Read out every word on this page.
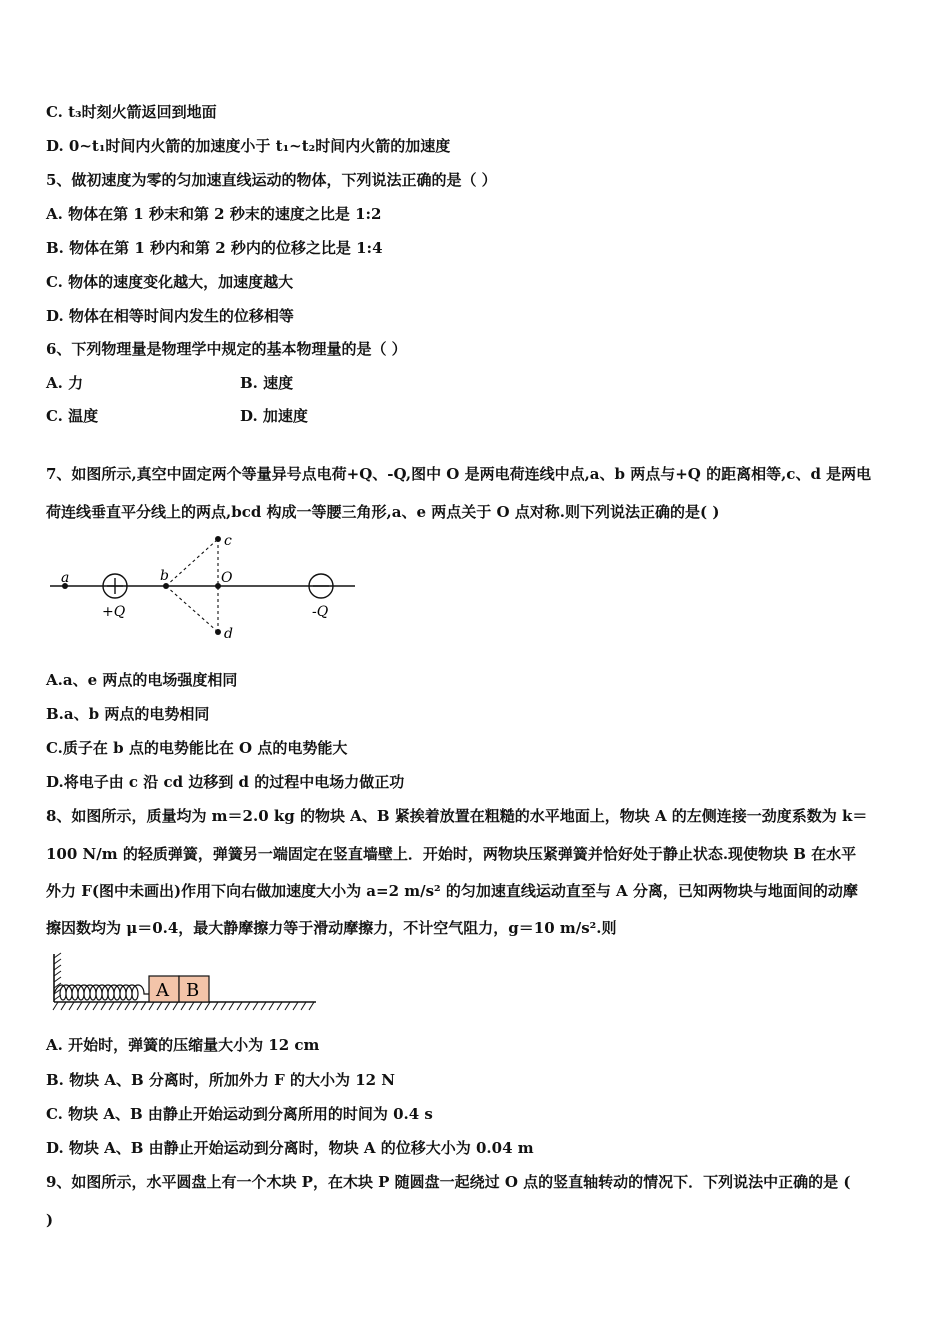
C. t₃时刻火箭返回到地面
D. 0~t₁时间内火箭的加速度小于 t₁~t₂时间内火箭的加速度
5、做初速度为零的匀加速直线运动的物体，下列说法正确的是（ ）
A. 物体在第 1 秒末和第 2 秒末的速度之比是 1:2
B. 物体在第 1 秒内和第 2 秒内的位移之比是 1:4
C. 物体的速度变化越大，加速度越大
D. 物体在相等时间内发生的位移相等
6、下列物理量是物理学中规定的基本物理量的是（ ）
A. 力	B. 速度
C. 温度	D. 加速度
7、如图所示,真空中固定两个等量异号点电荷+Q、-Q,图中 O 是两电荷连线中点,a、b 两点与+Q 的距离相等,c、d 是两电
荷连线垂直平分线上的两点,bcd 构成一等腰三角形,a、e 两点关于 O 点对称.则下列说法正确的是( )
a
+Q
b
c
O
d
-Q
A.a、e 两点的电场强度相同
B.a、b 两点的电势相同
C.质子在 b 点的电势能比在 O 点的电势能大
D.将电子由 c 沿 cd 边移到 d 的过程中电场力做正功
8、如图所示，质量均为 m＝2.0 kg 的物块 A、B 紧挨着放置在粗糙的水平地面上，物块 A 的左侧连接一劲度系数为 k＝
100 N/m 的轻质弹簧，弹簧另一端固定在竖直墙壁上．开始时，两物块压紧弹簧并恰好处于静止状态.现使物块 B 在水平
外力 F(图中未画出)作用下向右做加速度大小为 a=2 m/s² 的匀加速直线运动直至与 A 分离，已知两物块与地面间的动摩
擦因数均为 μ＝0.4，最大静摩擦力等于滑动摩擦力，不计空气阻力，g＝10 m/s².则
A B
A. 开始时，弹簧的压缩量大小为 12 cm
B. 物块 A、B 分离时，所加外力 F 的大小为 12 N
C. 物块 A、B 由静止开始运动到分离所用的时间为 0.4 s
D. 物块 A、B 由静止开始运动到分离时，物块 A 的位移大小为 0.04 m
9、如图所示，水平圆盘上有一个木块 P，在木块 P 随圆盘一起绕过 O 点的竖直轴转动的情况下．下列说法中正确的是 (
)
